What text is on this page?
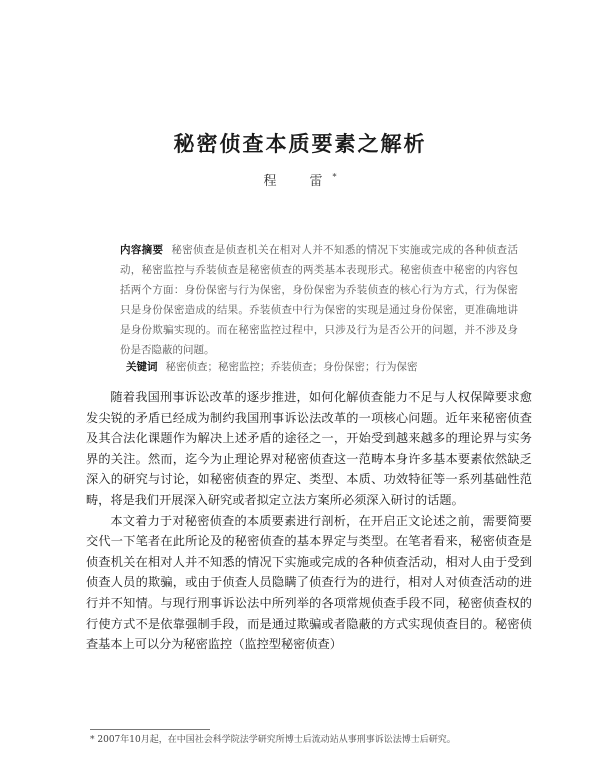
秘密侦查本质要素之解析
程　雷*
内容摘要 秘密侦查是侦查机关在相对人并不知悉的情况下实施或完成的各种侦查活动，秘密监控与乔装侦查是秘密侦查的两类基本表现形式。秘密侦查中秘密的内容包括两个方面：身份保密与行为保密，身份保密为乔装侦查的核心行为方式，行为保密只是身份保密造成的结果。乔装侦查中行为保密的实现是通过身份保密，更准确地讲是身份欺骗实现的。而在秘密监控过程中，只涉及行为是否公开的问题，并不涉及身份是否隐蔽的问题。
关键词 秘密侦查；秘密监控；乔装侦查；身份保密；行为保密

随着我国刑事诉讼改革的逐步推进，如何化解侦查能力不足与人权保障要求愈发尖锐的矛盾已经成为制约我国刑事诉讼法改革的一项核心问题。近年来秘密侦查及其合法化课题作为解决上述矛盾的途径之一，开始受到越来越多的理论界与实务界的关注。然而，迄今为止理论界对秘密侦查这一范畴本身许多基本要素依然缺乏深入的研究与讨论，如秘密侦查的界定、类型、本质、功效特征等一系列基础性范畴，将是我们开展深入研究或者拟定立法方案所必须深入研讨的话题。

本文着力于对秘密侦查的本质要素进行剖析，在开启正文论述之前，需要简要交代一下笔者在此所论及的秘密侦查的基本界定与类型。在笔者看来，秘密侦查是侦查机关在相对人并不知悉的情况下实施或完成的各种侦查活动，相对人由于受到侦查人员的欺骗，或由于侦查人员隐瞒了侦查行为的进行，相对人对侦查活动的进行并不知情。与现行刑事诉讼法中所列举的各项常规侦查手段不同，秘密侦查权的行使方式不是依靠强制手段，而是通过欺骗或者隐蔽的方式实现侦查目的。秘密侦查基本上可以分为秘密监控（监控型秘密侦查）

* 2007年10月起，在中国社会科学院法学研究所博士后流动站从事刑事诉讼法博士后研究。
